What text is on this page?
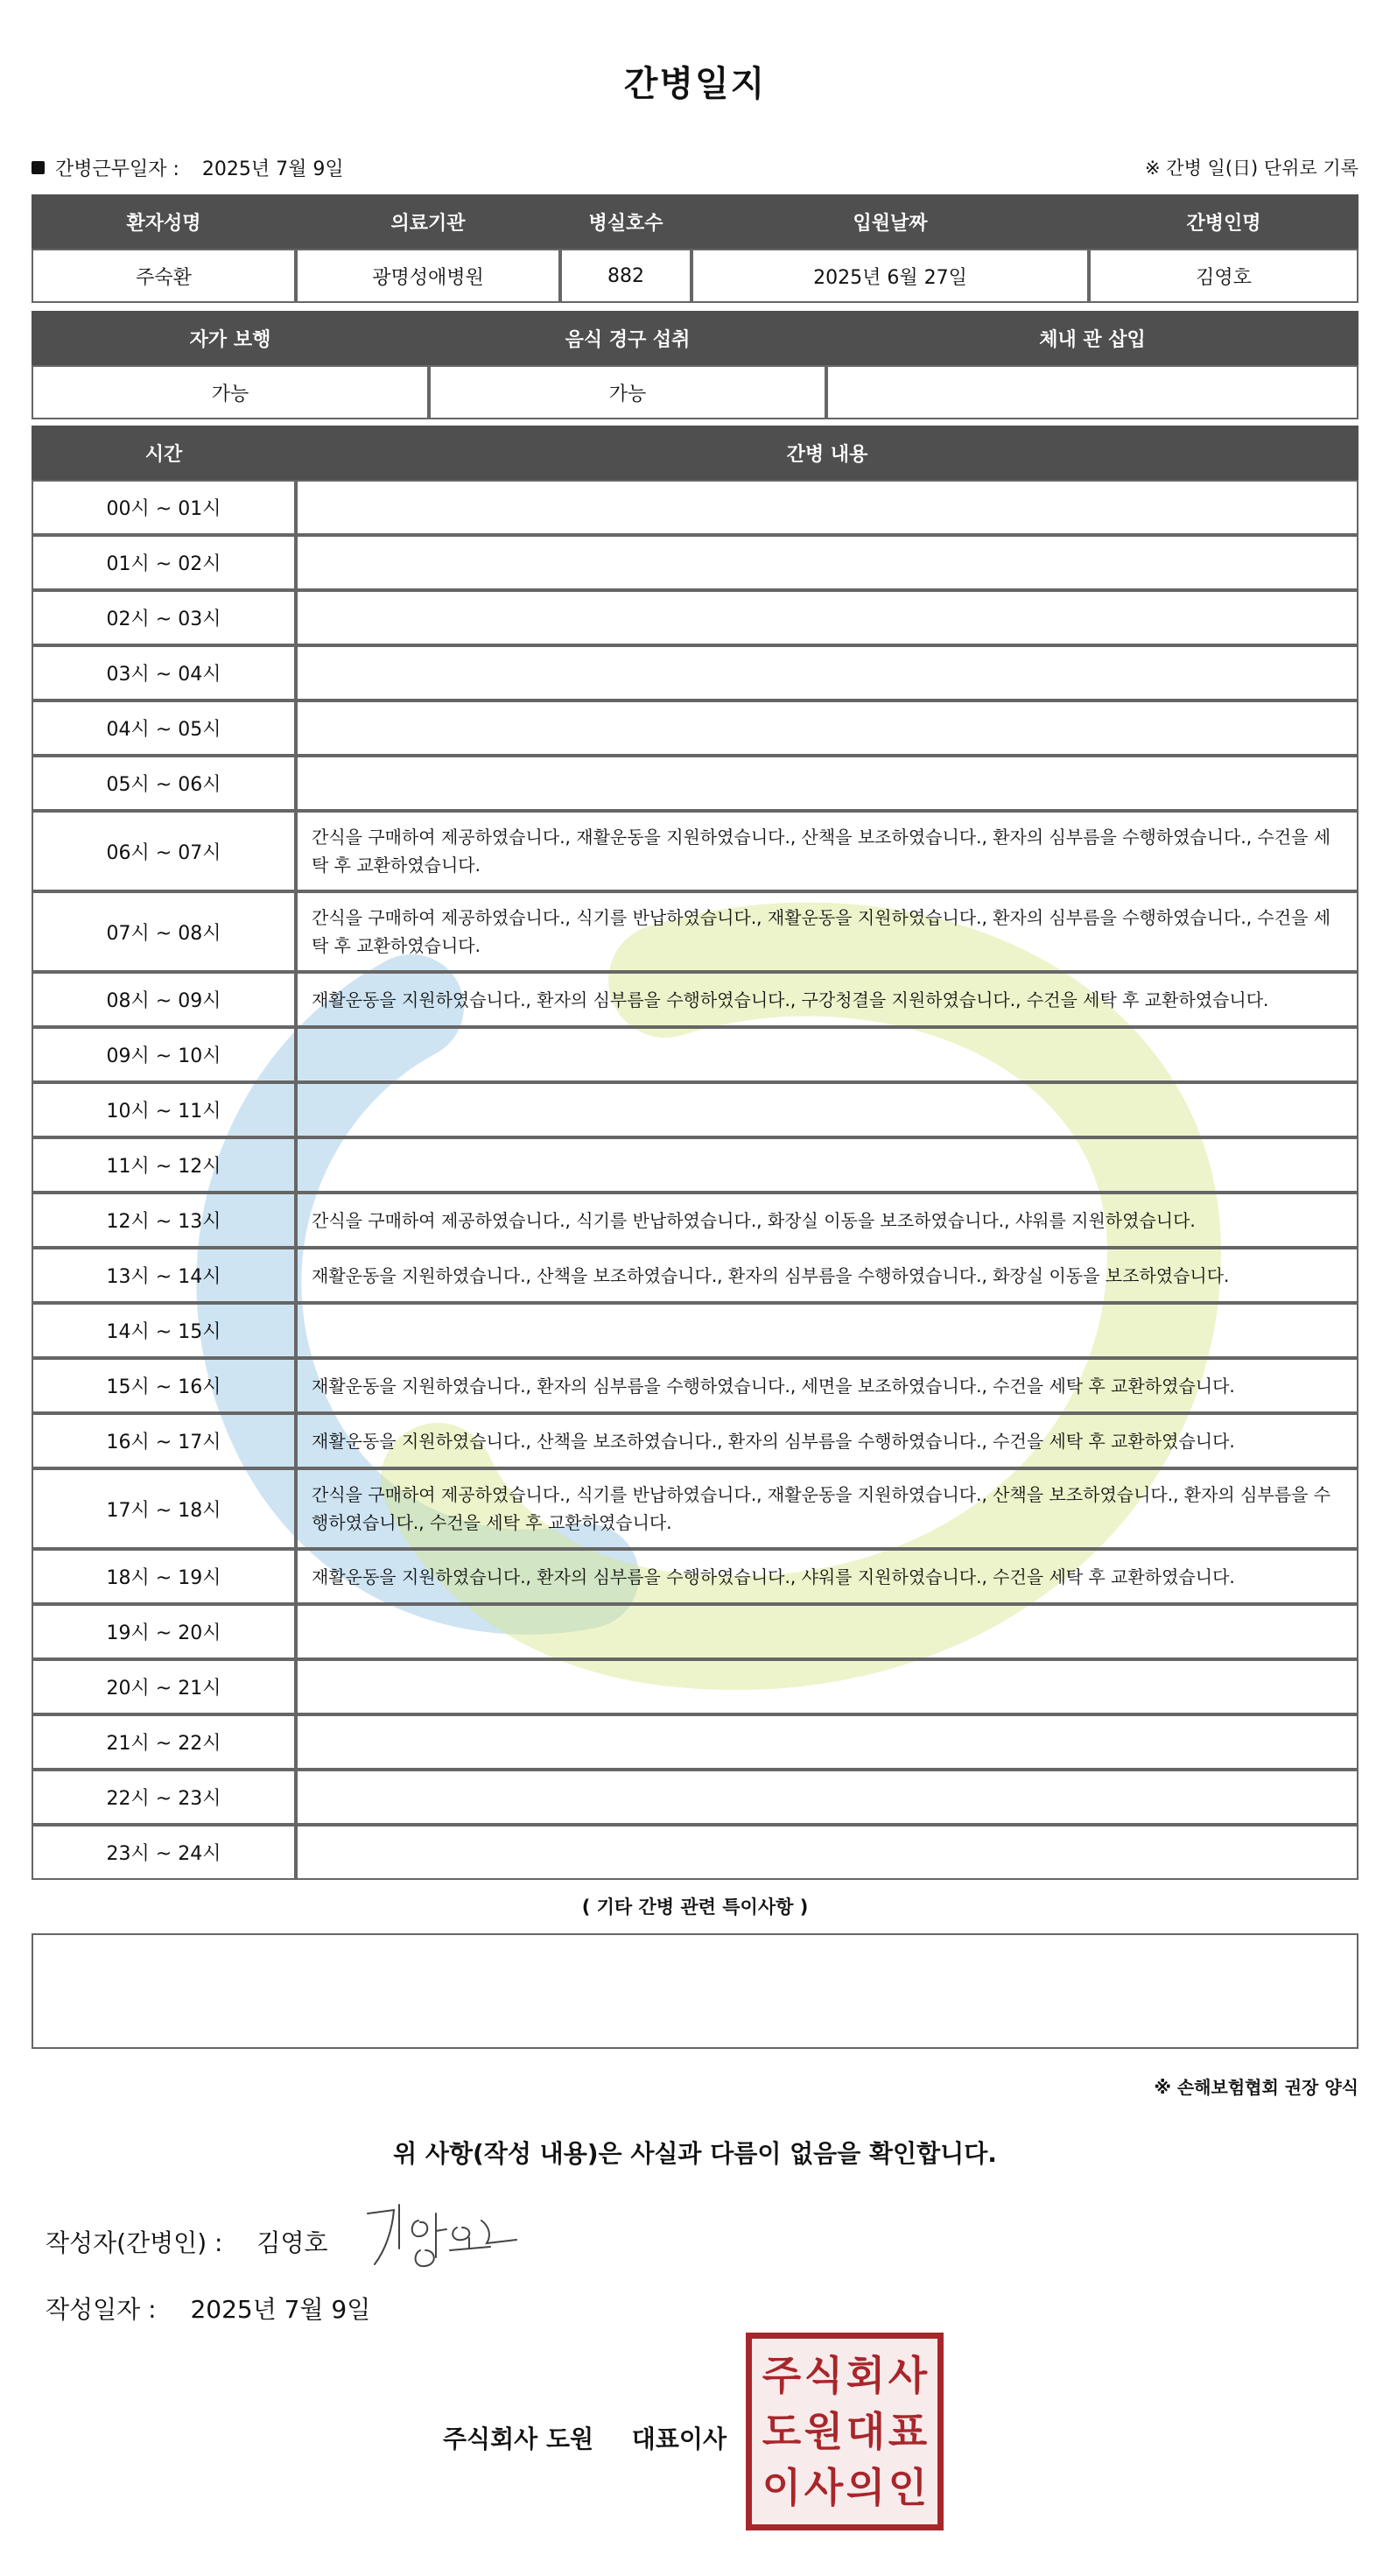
간병일지
간병근무일자 : 2025년 7월 9일	※ 간병 일(日) 단위로 기록
환자성명	의료기관	병실호수	입원날짜	간병인명
주숙환	광명성애병원	882	2025년 6월 27일	김영호
자가 보행	음식 경구 섭취	체내 관 삽입
가능	가능	
시간	간병 내용
00시 ~ 01시	
01시 ~ 02시	
02시 ~ 03시	
03시 ~ 04시	
04시 ~ 05시	
05시 ~ 06시	
06시 ~ 07시	간식을 구매하여 제공하였습니다., 재활운동을 지원하였습니다., 산책을 보조하였습니다., 환자의 심부름을 수행하였습니다., 수건을 세탁 후 교환하였습니다.
07시 ~ 08시	간식을 구매하여 제공하였습니다., 식기를 반납하였습니다., 재활운동을 지원하였습니다., 환자의 심부름을 수행하였습니다., 수건을 세탁 후 교환하였습니다.
08시 ~ 09시	재활운동을 지원하였습니다., 환자의 심부름을 수행하였습니다., 구강청결을 지원하였습니다., 수건을 세탁 후 교환하였습니다.
09시 ~ 10시	
10시 ~ 11시	
11시 ~ 12시	
12시 ~ 13시	간식을 구매하여 제공하였습니다., 식기를 반납하였습니다., 화장실 이동을 보조하였습니다., 샤워를 지원하였습니다.
13시 ~ 14시	재활운동을 지원하였습니다., 산책을 보조하였습니다., 환자의 심부름을 수행하였습니다., 화장실 이동을 보조하였습니다.
14시 ~ 15시	
15시 ~ 16시	재활운동을 지원하였습니다., 환자의 심부름을 수행하였습니다., 세면을 보조하였습니다., 수건을 세탁 후 교환하였습니다.
16시 ~ 17시	재활운동을 지원하였습니다., 산책을 보조하였습니다., 환자의 심부름을 수행하였습니다., 수건을 세탁 후 교환하였습니다.
17시 ~ 18시	간식을 구매하여 제공하였습니다., 식기를 반납하였습니다., 재활운동을 지원하였습니다., 산책을 보조하였습니다., 환자의 심부름을 수행하였습니다., 수건을 세탁 후 교환하였습니다.
18시 ~ 19시	재활운동을 지원하였습니다., 환자의 심부름을 수행하였습니다., 샤워를 지원하였습니다., 수건을 세탁 후 교환하였습니다.
19시 ~ 20시	
20시 ~ 21시	
21시 ~ 22시	
22시 ~ 23시	
23시 ~ 24시	
( 기타 간병 관련 특이사항 )
※ 손해보험협회 권장 양식
위 사항(작성 내용)은 사실과 다름이 없음을 확인합니다.
작성자(간병인) : 김영호
작성일자 : 2025년 7월 9일
주식회사 도원 대표이사
주 식 회 사
도 원 대 표
이 사 의 인
